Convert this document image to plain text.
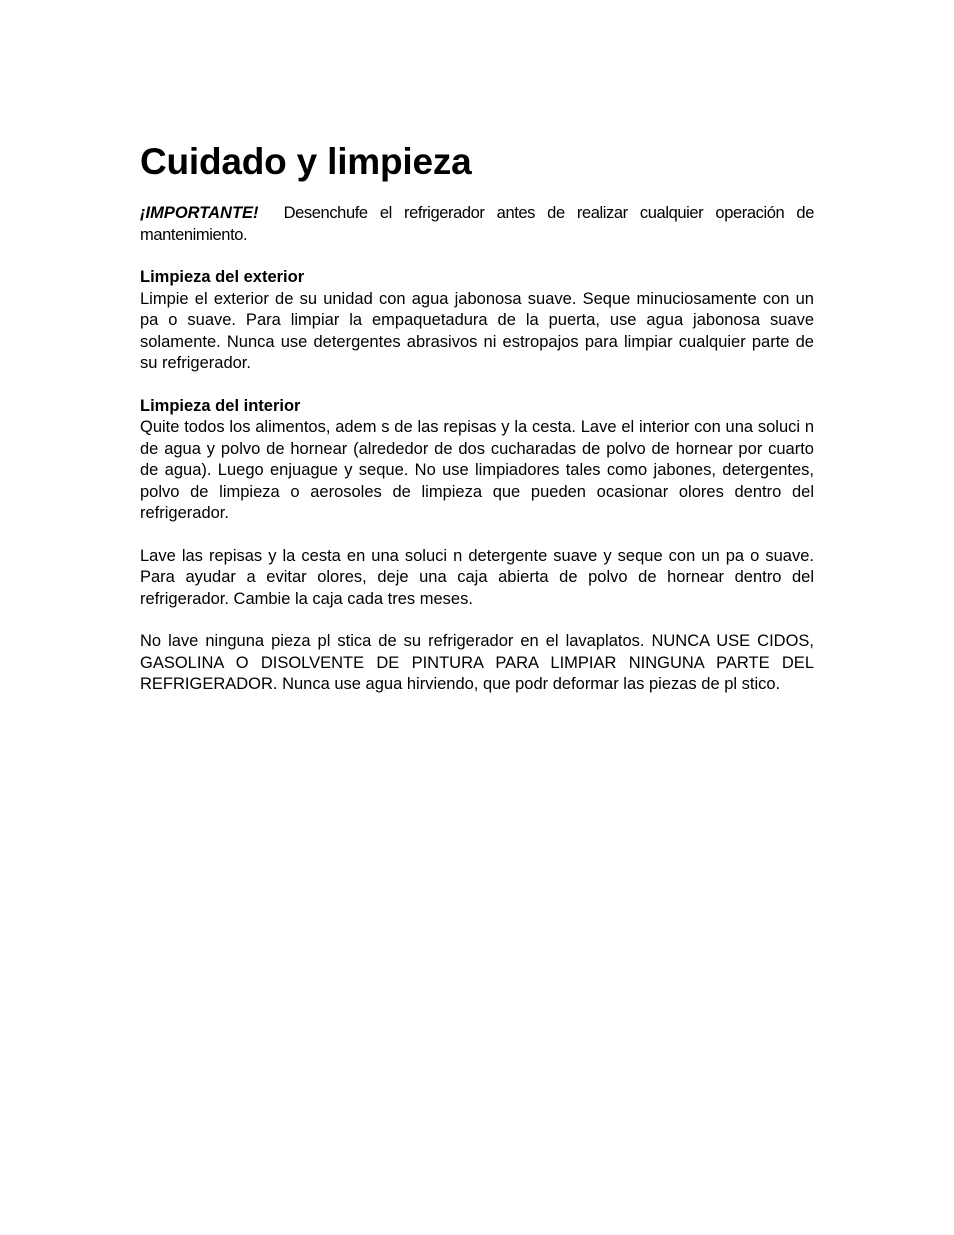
Cuidado y limpieza
¡IMPORTANTE! Desenchufe el refrigerador antes de realizar cualquier operación de mantenimiento.
Limpieza del exterior

Limpie el exterior de su unidad con agua jabonosa suave. Seque minuciosamente con un pa o suave. Para limpiar la empaquetadura de la puerta, use agua jabonosa suave solamente. Nunca use detergentes abrasivos ni estropajos para limpiar cualquier parte de su refrigerador.

Limpieza del interior

Quite todos los alimentos, adem s de las repisas y la cesta. Lave el interior con una soluci n de agua y polvo de hornear (alrededor de dos cucharadas de polvo de hornear por cuarto de agua). Luego enjuague y seque. No use limpiadores tales como jabones, detergentes, polvo de limpieza o aerosoles de limpieza que pueden ocasionar olores dentro del refrigerador.

Lave las repisas y la cesta en una soluci n detergente suave y seque con un pa o suave. Para ayudar a evitar olores, deje una caja abierta de polvo de hornear dentro del refrigerador. Cambie la caja cada tres meses.

No lave ninguna pieza pl stica de su refrigerador en el lavaplatos. NUNCA USE CIDOS, GASOLINA O DISOLVENTE DE PINTURA PARA LIMPIAR NINGUNA PARTE DEL REFRIGERADOR. Nunca use agua hirviendo, que podr deformar las piezas de pl stico.
